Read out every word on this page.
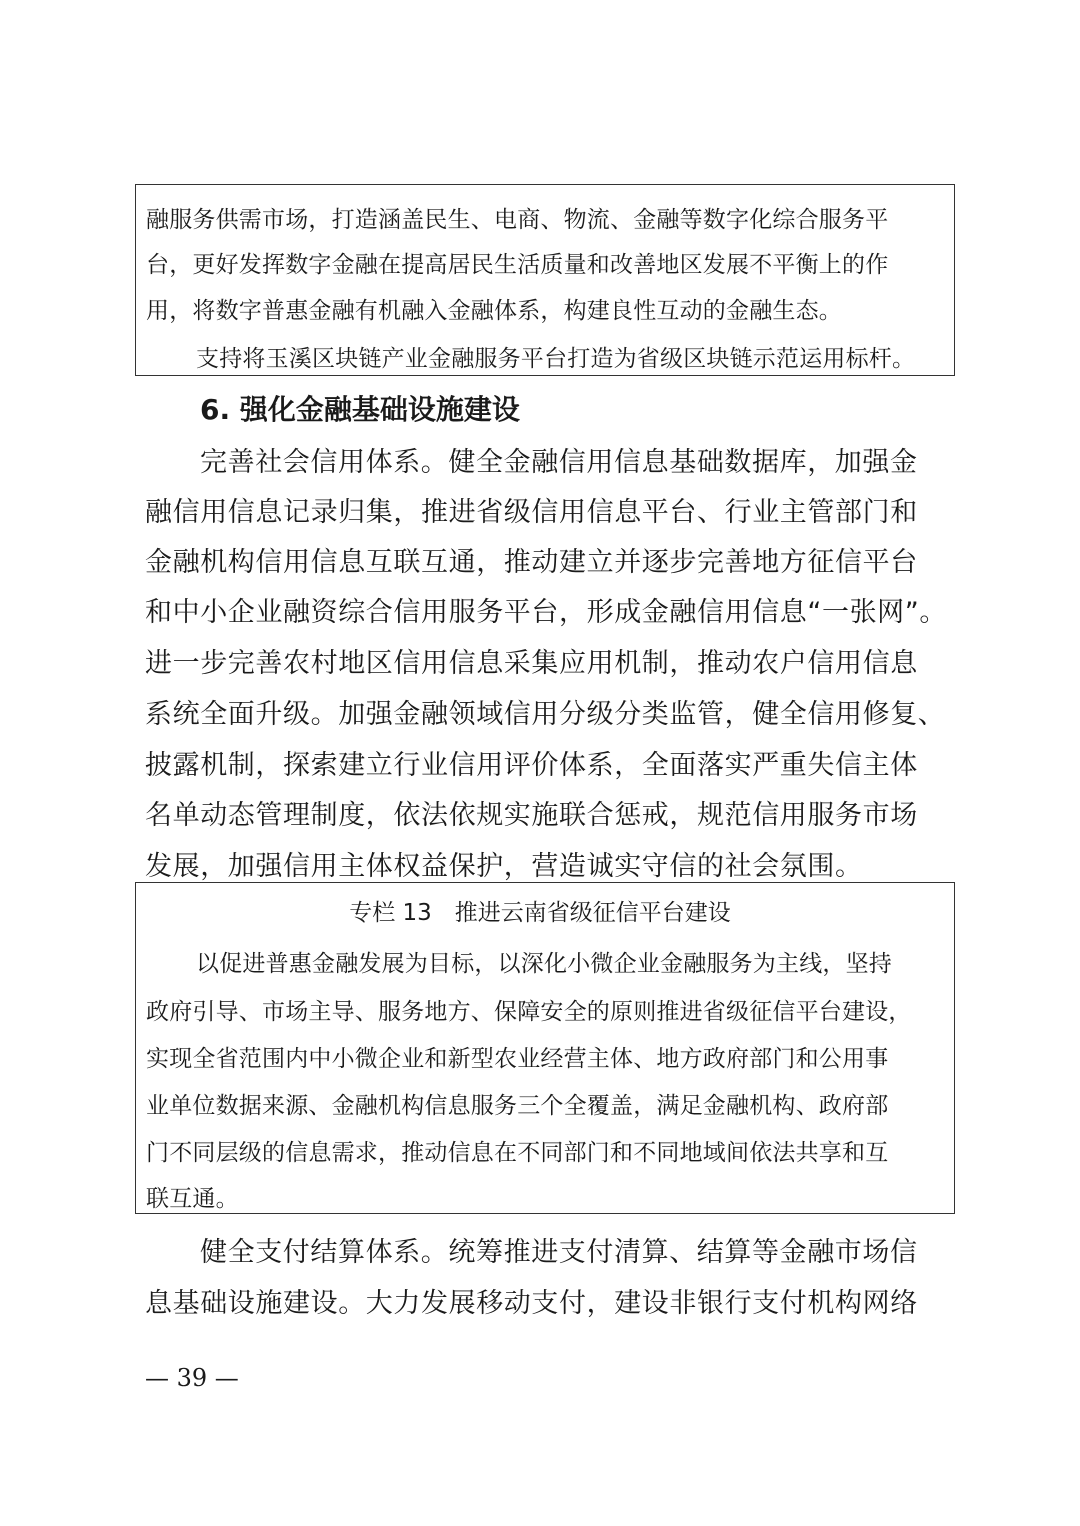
融服务供需市场，打造涵盖民生、电商、物流、金融等数字化综合服务平
台，更好发挥数字金融在提高居民生活质量和改善地区发展不平衡上的作
用，将数字普惠金融有机融入金融体系，构建良性互动的金融生态。
支持将玉溪区块链产业金融服务平台打造为省级区块链示范运用标杆。
6. 强化金融基础设施建设
完善社会信用体系。健全金融信用信息基础数据库，加强金
融信用信息记录归集，推进省级信用信息平台、行业主管部门和
金融机构信用信息互联互通，推动建立并逐步完善地方征信平台
和中小企业融资综合信用服务平台，形成金融信用信息“一张网”。
进一步完善农村地区信用信息采集应用机制，推动农户信用信息
系统全面升级。加强金融领域信用分级分类监管，健全信用修复、
披露机制，探索建立行业信用评价体系，全面落实严重失信主体
名单动态管理制度，依法依规实施联合惩戒，规范信用服务市场
发展，加强信用主体权益保护，营造诚实守信的社会氛围。
专栏 13　推进云南省级征信平台建设
以促进普惠金融发展为目标，以深化小微企业金融服务为主线，坚持
政府引导、市场主导、服务地方、保障安全的原则推进省级征信平台建设，
实现全省范围内中小微企业和新型农业经营主体、地方政府部门和公用事
业单位数据来源、金融机构信息服务三个全覆盖，满足金融机构、政府部
门不同层级的信息需求，推动信息在不同部门和不同地域间依法共享和互
联互通。
健全支付结算体系。统筹推进支付清算、结算等金融市场信
息基础设施建设。大力发展移动支付，建设非银行支付机构网络
— 39 —
